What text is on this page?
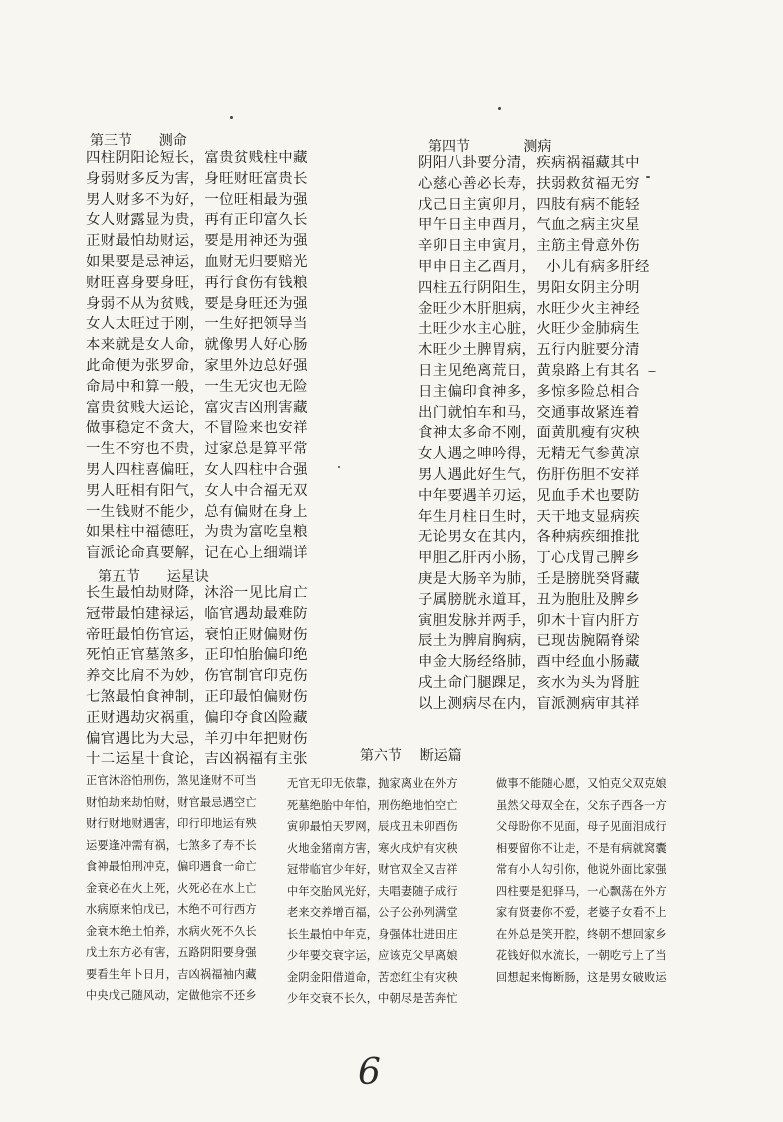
第三节      测命
四柱阴阳论短长，富贵贫贱柱中藏
身弱财多反为害，身旺财旺富贵长
男人财多不为好，一位旺相最为强
女人财露显为贵，再有正印富久长
正财最怕劫财运，要是用神还为强
如果要是忌神运，血财无归要赔光
财旺喜身要身旺，再行食伤有钱粮
身弱不从为贫贱，要是身旺还为强
女人太旺过于刚，一生好把领导当
本来就是女人命，就像男人好心肠
此命便为张罗命，家里外边总好强
命局中和算一般，一生无灾也无险
富贵贫贱大运论，富灾吉凶刑害藏
做事稳定不贪大，不冒险来也安祥
一生不穷也不贵，过家总是算平常
男人四柱喜偏旺，女人四柱中合强
男人旺相有阳气，女人中合福无双
一生钱财不能少，总有偏财在身上
如果柱中福德旺，为贵为富吃皇粮
盲派论命真要解，记在心上细端详
第五节      运星诀
长生最怕劫财降，沐浴一见比肩亡
冠带最怕建禄运，临官遇劫最难防
帝旺最怕伤官运，衰怕正财偏财伤
死怕正官墓煞多，正印怕胎偏印绝
养交比肩不为妙，伤官制官印克伤
七煞最怕食神制，正印最怕偏财伤
正财遇劫灾祸重，偏印夺食凶险藏
偏官遇比为大忌，羊刃中年把财伤
十二运星十食论，吉凶祸福有主张
第四节            测病
阴阳八卦要分清，疾病祸福藏其中
心慈心善必长寿，扶弱救贫福无穷
戊己日主寅卯月，四肢有病不能轻
甲午日主申酉月，气血之病主灾星
辛卯日主申寅月，主筋主骨意外伤
甲申日主乙酉月，  小儿有病多肝经
四柱五行阴阳生，男阳女阴主分明
金旺少木肝胆病，水旺少火主神经
土旺少水主心脏，火旺少金肺病生
木旺少土脾胃病，五行内脏要分清
日主见绝离荒日，黄泉路上有其名
日主偏印食神多，多惊多险总相合
出门就怕车和马，交通事故紧连着
食神太多命不刚，面黄肌瘦有灾秧
女人遇之呻吟得，无精无气参黄凉
男人遇此好生气，伤肝伤胆不安祥
中年要遇羊刃运，见血手术也要防
年生月柱日生时，天干地支显病疾
无论男女在其内，各种病疾细推批
甲胆乙肝丙小肠，丁心戊胃己脾乡
庚是大肠辛为肺，壬是膀胱癸肾藏
子属膀胱永道耳，丑为胞肚及脾乡
寅胆发脉并两手，卯木十盲内肝方
辰土为脾肩胸病，已现齿腕隔脊梁
申金大肠经络肺，酉中经血小肠藏
戌土命门腿踝足，亥水为头为肾脏
以上测病尽在内，盲派测病审其祥
第六节    断运篇
正官沐浴怕刑伤，煞见逢财不可当
财怕劫来劫怕财，财官最忌遇空亡
财行财地财遇害，印行印地运有殃
运要逢冲需有祸，七煞多了寿不长
食神最怕刑冲克，偏印遇食一命亡
金衰必在火上死，火死必在水上亡
水病原来怕戊已，木绝不可行西方
金衰木绝土怕养，水病火死不久长
戊土东方必有害，五路阴阳要身强
要看生年卜日月，吉凶祸福袖内藏
中央戊己随风动，定做他宗不还乡
无官无印无依靠，抛家离业在外方
死墓绝胎中年怕，刑伤绝地怕空亡
寅卯最怕天罗网，辰戌丑未卯酉伤
火地金猪南方害，寒火戌炉有灾秧
冠带临官少年好，财官双全又吉祥
中年交胎风光好，夫唱妻随子成行
老来交养增百福，公子公孙列满堂
长生最怕中年克，身强体壮进田庄
少年要交衰字运，应该克父早离娘
金阴金阳借道命，苦恋红尘有灾秧
少年交衰不长久，中朝尽是苦奔忙
做事不能随心愿，又怕克父双克娘
虽然父母双全在，父东子西各一方
父母盼你不见面，母子见面泪成行
相要留你不让走，不是有病就窝囊
常有小人勾引你，他说外面比家强
四柱要是犯驿马，一心飘荡在外方
家有贤妻你不爱，老婆子女看不上
在外总是笑开腔，终朝不想回家乡
花钱好似水流长，一朝吃亏上了当
回想起来悔断肠，这是男女破败运
6
